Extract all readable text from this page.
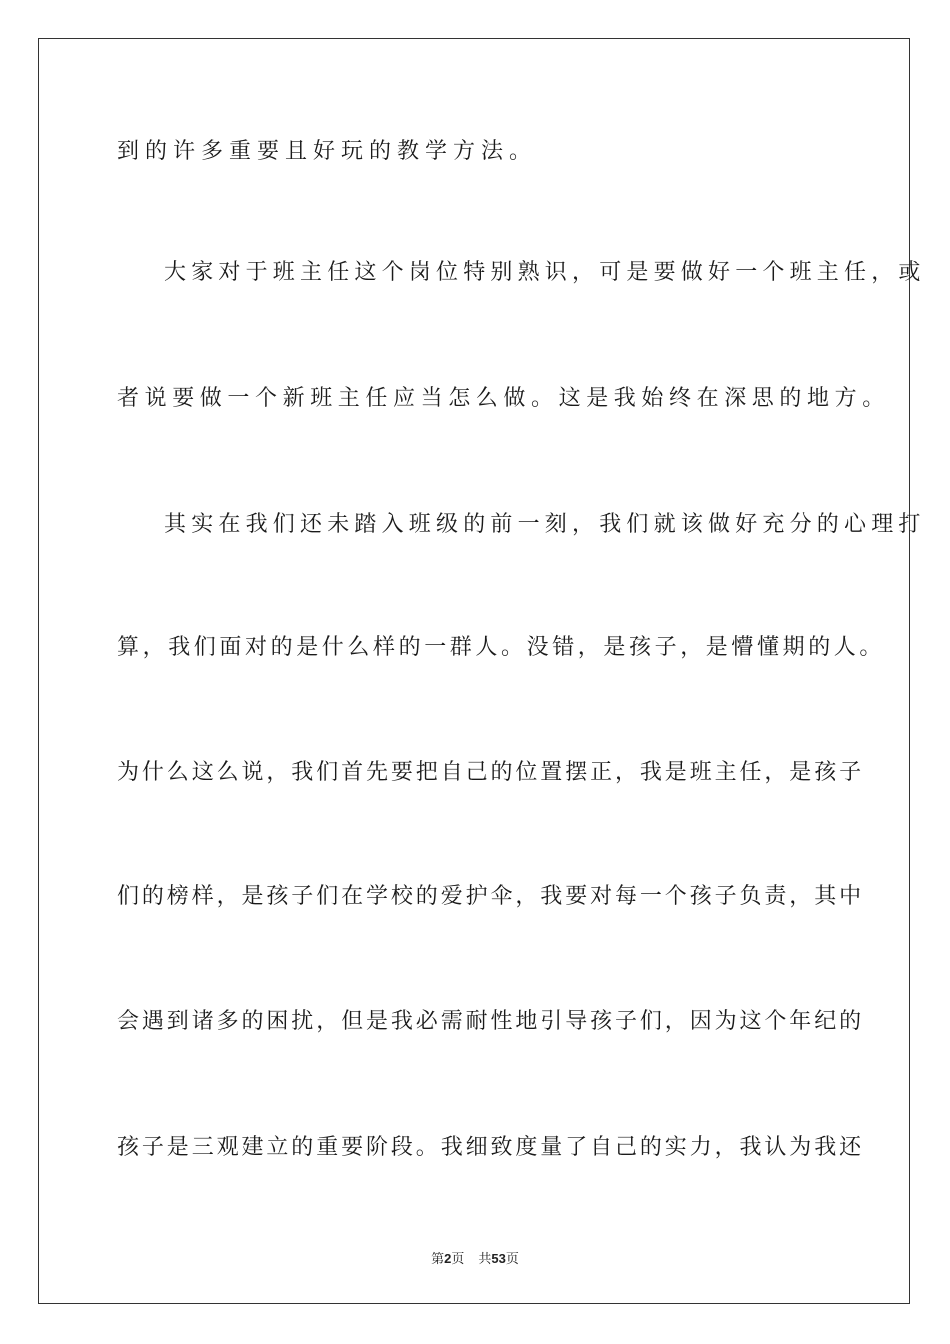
到的许多重要且好玩的教学方法。
大家对于班主任这个岗位特别熟识，可是要做好一个班主任，或
者说要做一个新班主任应当怎么做。这是我始终在深思的地方。
其实在我们还未踏入班级的前一刻，我们就该做好充分的心理打
算，我们面对的是什么样的一群人。没错，是孩子，是懵懂期的人。
为什么这么说，我们首先要把自己的位置摆正，我是班主任，是孩子
们的榜样，是孩子们在学校的爱护伞，我要对每一个孩子负责，其中
会遇到诸多的困扰，但是我必需耐性地引导孩子们，因为这个年纪的
孩子是三观建立的重要阶段。我细致度量了自己的实力，我认为我还
第2页 共53页
